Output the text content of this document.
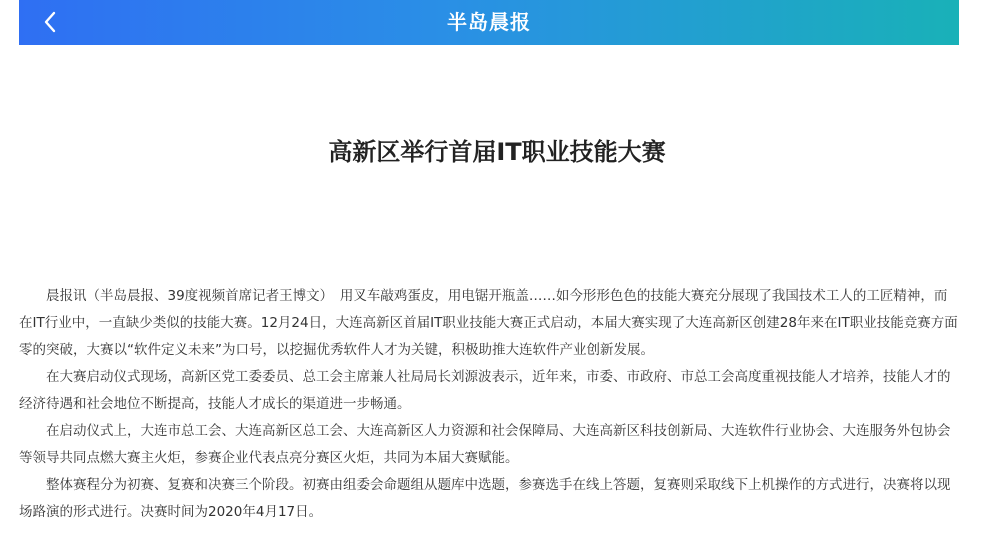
半岛晨报
高新区举行首届IT职业技能大赛

晨报讯（半岛晨报、39度视频首席记者王博文）　用叉车敲鸡蛋皮，用电锯开瓶盖……如今形形色色的技能大赛充分展现了我国技术工人的工匠精神，而在IT行业中，一直缺少类似的技能大赛。12月24日，大连高新区首届IT职业技能大赛正式启动，本届大赛实现了大连高新区创建28年来在IT职业技能竞赛方面零的突破，大赛以“软件定义未来”为口号，以挖掘优秀软件人才为关键，积极助推大连软件产业创新发展。

在大赛启动仪式现场，高新区党工委委员、总工会主席兼人社局局长刘源波表示，近年来，市委、市政府、市总工会高度重视技能人才培养，技能人才的经济待遇和社会地位不断提高，技能人才成长的渠道进一步畅通。

在启动仪式上，大连市总工会、大连高新区总工会、大连高新区人力资源和社会保障局、大连高新区科技创新局、大连软件行业协会、大连服务外包协会等领导共同点燃大赛主火炬，参赛企业代表点亮分赛区火炬，共同为本届大赛赋能。

整体赛程分为初赛、复赛和决赛三个阶段。初赛由组委会命题组从题库中选题，参赛选手在线上答题，复赛则采取线下上机操作的方式进行，决赛将以现场路演的形式进行。决赛时间为2020年4月17日。
